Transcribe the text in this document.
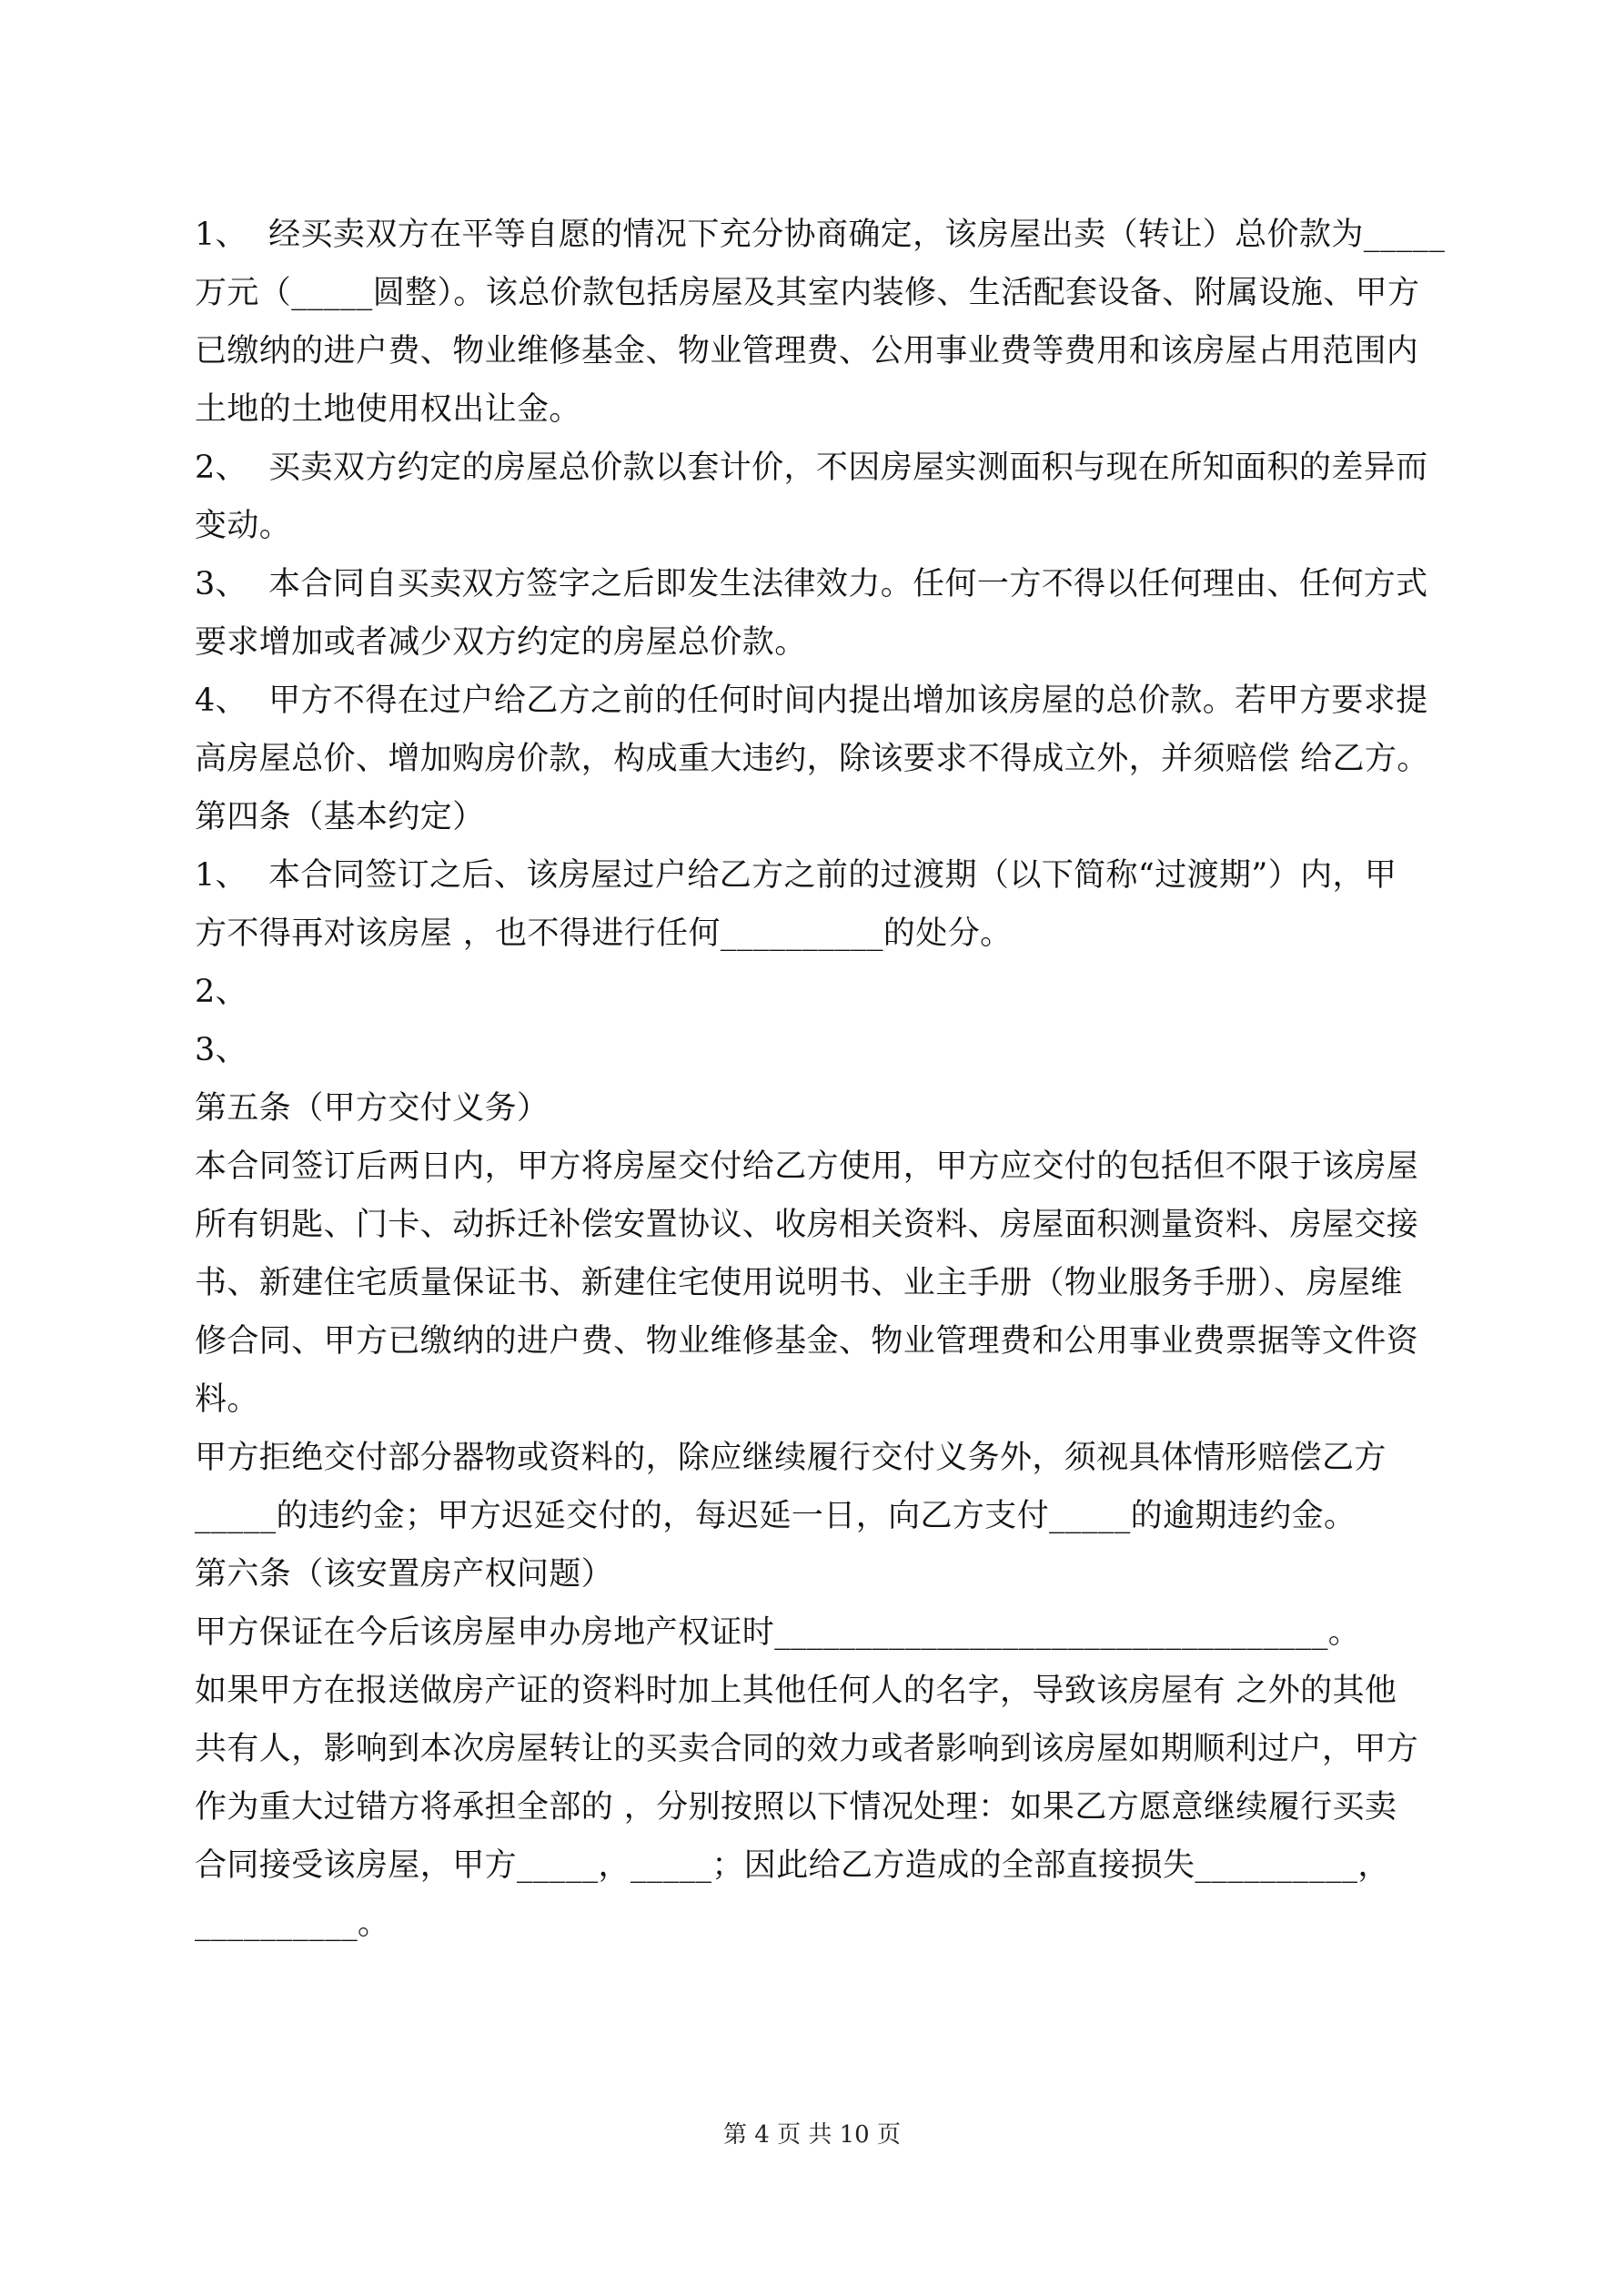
1、  经买卖双方在平等自愿的情况下充分协商确定，该房屋出卖（转让）总价款为_____
万元（_____圆整）。该总价款包括房屋及其室内装修、生活配套设备、附属设施、甲方
已缴纳的进户费、物业维修基金、物业管理费、公用事业费等费用和该房屋占用范围内
土地的土地使用权出让金。
2、  买卖双方约定的房屋总价款以套计价，不因房屋实测面积与现在所知面积的差异而
变动。
3、  本合同自买卖双方签字之后即发生法律效力。任何一方不得以任何理由、任何方式
要求增加或者减少双方约定的房屋总价款。
4、  甲方不得在过户给乙方之前的任何时间内提出增加该房屋的总价款。若甲方要求提
高房屋总价、增加购房价款，构成重大违约，除该要求不得成立外，并须赔偿 给乙方。
第四条（基本约定）
1、  本合同签订之后、该房屋过户给乙方之前的过渡期（以下简称“过渡期”）内，甲
方不得再对该房屋 ，也不得进行任何__________的处分。
2、
3、
第五条（甲方交付义务）
本合同签订后两日内，甲方将房屋交付给乙方使用，甲方应交付的包括但不限于该房屋
所有钥匙、门卡、动拆迁补偿安置协议、收房相关资料、房屋面积测量资料、房屋交接
书、新建住宅质量保证书、新建住宅使用说明书、业主手册（物业服务手册）、房屋维
修合同、甲方已缴纳的进户费、物业维修基金、物业管理费和公用事业费票据等文件资
料。
甲方拒绝交付部分器物或资料的，除应继续履行交付义务外，须视具体情形赔偿乙方
_____的违约金；甲方迟延交付的，每迟延一日，向乙方支付_____的逾期违约金。
第六条（该安置房产权问题）
甲方保证在今后该房屋申办房地产权证时__________________________________。
如果甲方在报送做房产证的资料时加上其他任何人的名字，导致该房屋有 之外的其他
共有人，影响到本次房屋转让的买卖合同的效力或者影响到该房屋如期顺利过户，甲方
作为重大过错方将承担全部的 ，分别按照以下情况处理：如果乙方愿意继续履行买卖
合同接受该房屋，甲方_____，_____；因此给乙方造成的全部直接损失__________，
__________。
第 4 页 共 10 页
